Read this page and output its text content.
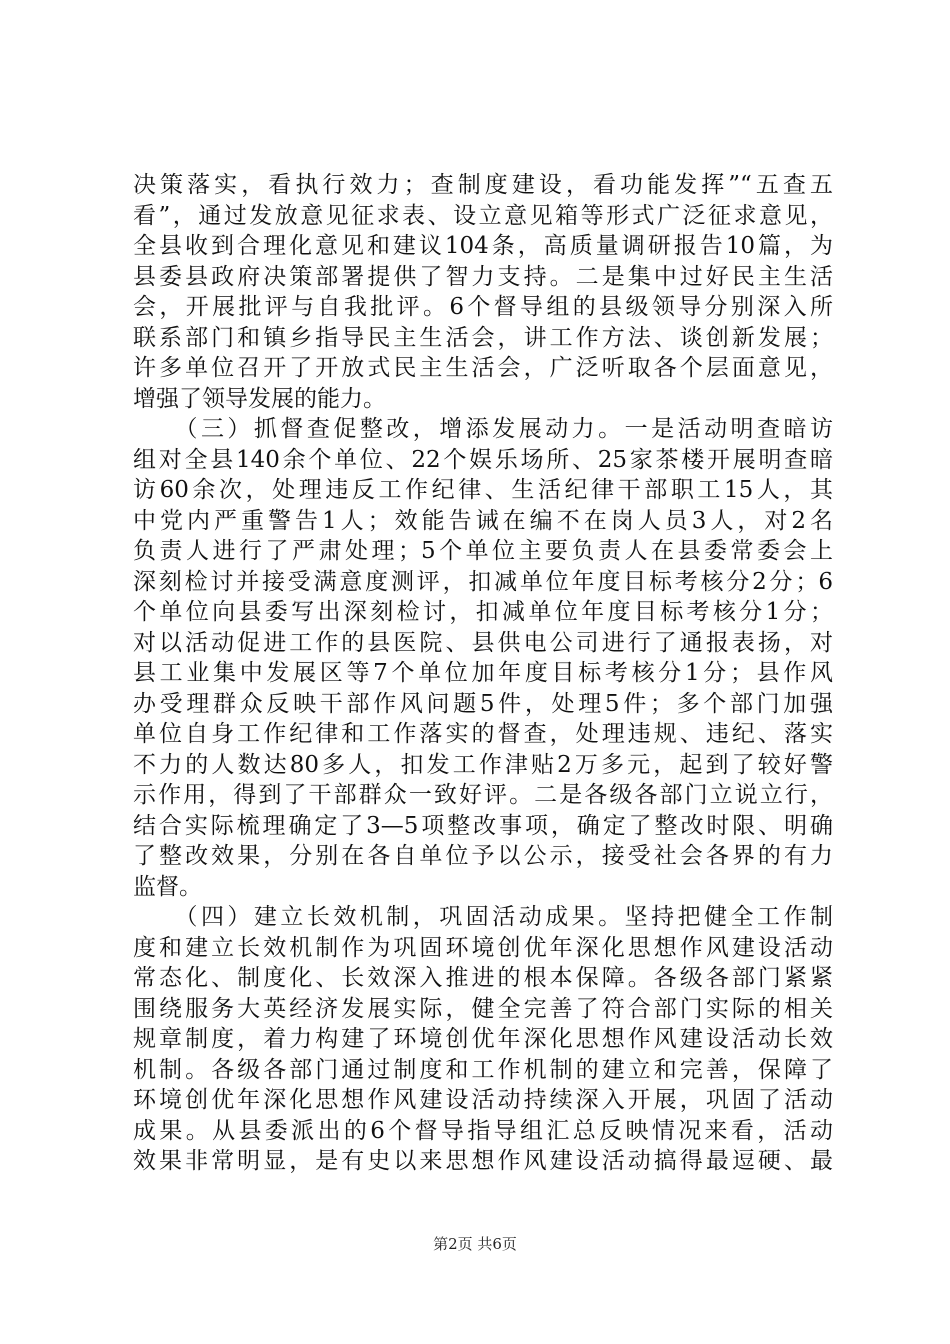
决策落实，看执行效力；查制度建设，看功能发挥”“五查五
看”，通过发放意见征求表、设立意见箱等形式广泛征求意见，
全县收到合理化意见和建议104条，高质量调研报告10篇，为
县委县政府决策部署提供了智力支持。二是集中过好民主生活
会，开展批评与自我批评。6个督导组的县级领导分别深入所
联系部门和镇乡指导民主生活会，讲工作方法、谈创新发展；
许多单位召开了开放式民主生活会，广泛听取各个层面意见，
增强了领导发展的能力。
　　（三）抓督查促整改，增添发展动力。一是活动明查暗访
组对全县140余个单位、22个娱乐场所、25家茶楼开展明查暗
访60余次，处理违反工作纪律、生活纪律干部职工15人，其
中党内严重警告1人；效能告诫在编不在岗人员3人，对2名
负责人进行了严肃处理；5个单位主要负责人在县委常委会上
深刻检讨并接受满意度测评，扣减单位年度目标考核分2分；6
个单位向县委写出深刻检讨，扣减单位年度目标考核分1分；
对以活动促进工作的县医院、县供电公司进行了通报表扬，对
县工业集中发展区等7个单位加年度目标考核分1分；县作风
办受理群众反映干部作风问题5件，处理5件；多个部门加强
单位自身工作纪律和工作落实的督查，处理违规、违纪、落实
不力的人数达80多人，扣发工作津贴2万多元，起到了较好警
示作用，得到了干部群众一致好评。二是各级各部门立说立行，
结合实际梳理确定了3—5项整改事项，确定了整改时限、明确
了整改效果，分别在各自单位予以公示，接受社会各界的有力
监督。
　　（四）建立长效机制，巩固活动成果。坚持把健全工作制
度和建立长效机制作为巩固环境创优年深化思想作风建设活动
常态化、制度化、长效深入推进的根本保障。各级各部门紧紧
围绕服务大英经济发展实际，健全完善了符合部门实际的相关
规章制度，着力构建了环境创优年深化思想作风建设活动长效
机制。各级各部门通过制度和工作机制的建立和完善，保障了
环境创优年深化思想作风建设活动持续深入开展，巩固了活动
成果。从县委派出的6个督导指导组汇总反映情况来看，活动
效果非常明显，是有史以来思想作风建设活动搞得最逗硬、最
第2页 共6页
